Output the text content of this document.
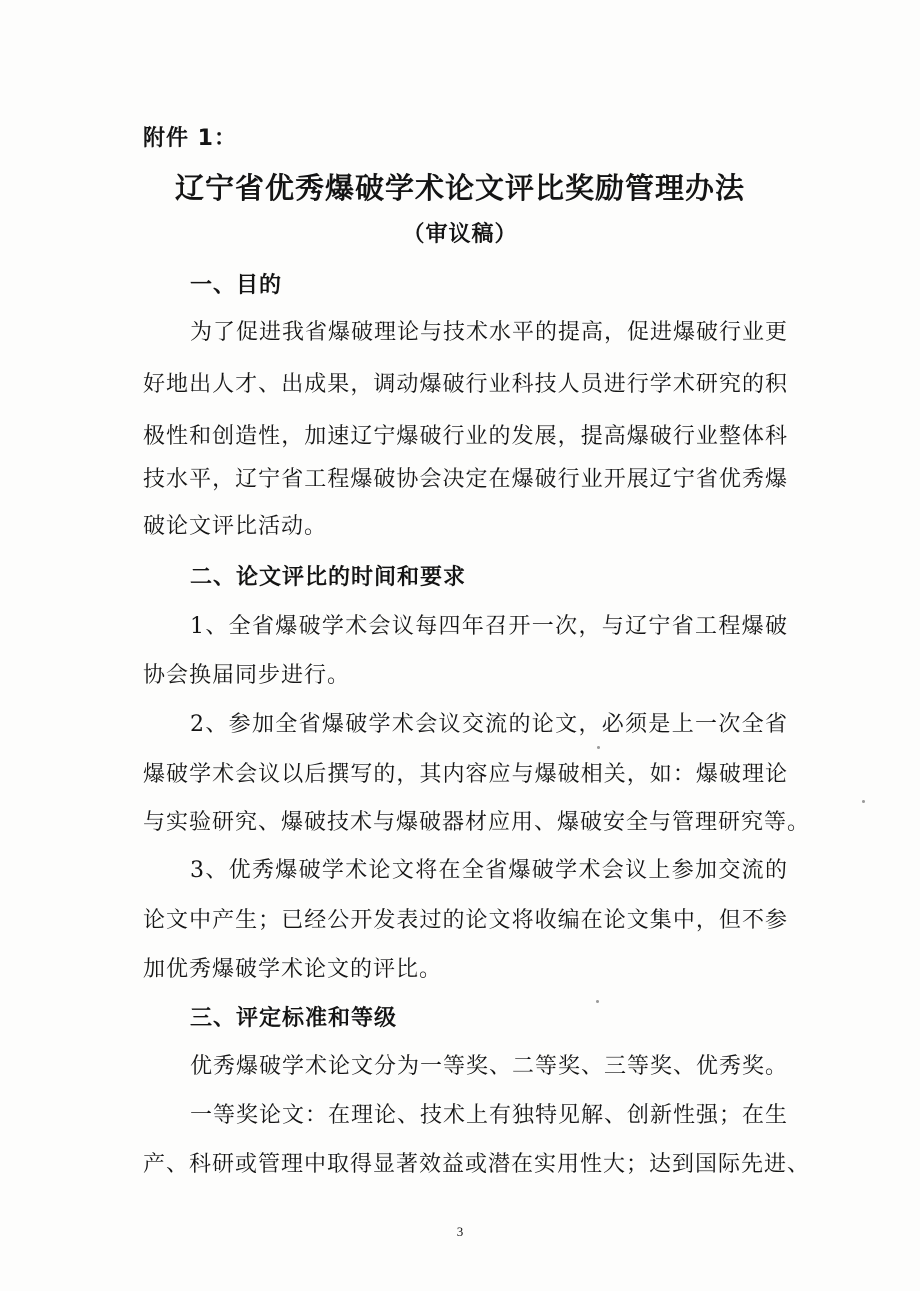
附件 1：
辽宁省优秀爆破学术论文评比奖励管理办法
（审议稿）
一、目的
为了促进我省爆破理论与技术水平的提高，促进爆破行业更
好地出人才、出成果，调动爆破行业科技人员进行学术研究的积
极性和创造性，加速辽宁爆破行业的发展，提高爆破行业整体科
技水平，辽宁省工程爆破协会决定在爆破行业开展辽宁省优秀爆
破论文评比活动。
二、论文评比的时间和要求
1、全省爆破学术会议每四年召开一次，与辽宁省工程爆破
协会换届同步进行。
2、参加全省爆破学术会议交流的论文，必须是上一次全省
爆破学术会议以后撰写的，其内容应与爆破相关，如：爆破理论
与实验研究、爆破技术与爆破器材应用、爆破安全与管理研究等。
3、优秀爆破学术论文将在全省爆破学术会议上参加交流的
论文中产生；已经公开发表过的论文将收编在论文集中，但不参
加优秀爆破学术论文的评比。
三、评定标准和等级
优秀爆破学术论文分为一等奖、二等奖、三等奖、优秀奖。
一等奖论文：在理论、技术上有独特见解、创新性强；在生
产、科研或管理中取得显著效益或潜在实用性大；达到国际先进、
3
